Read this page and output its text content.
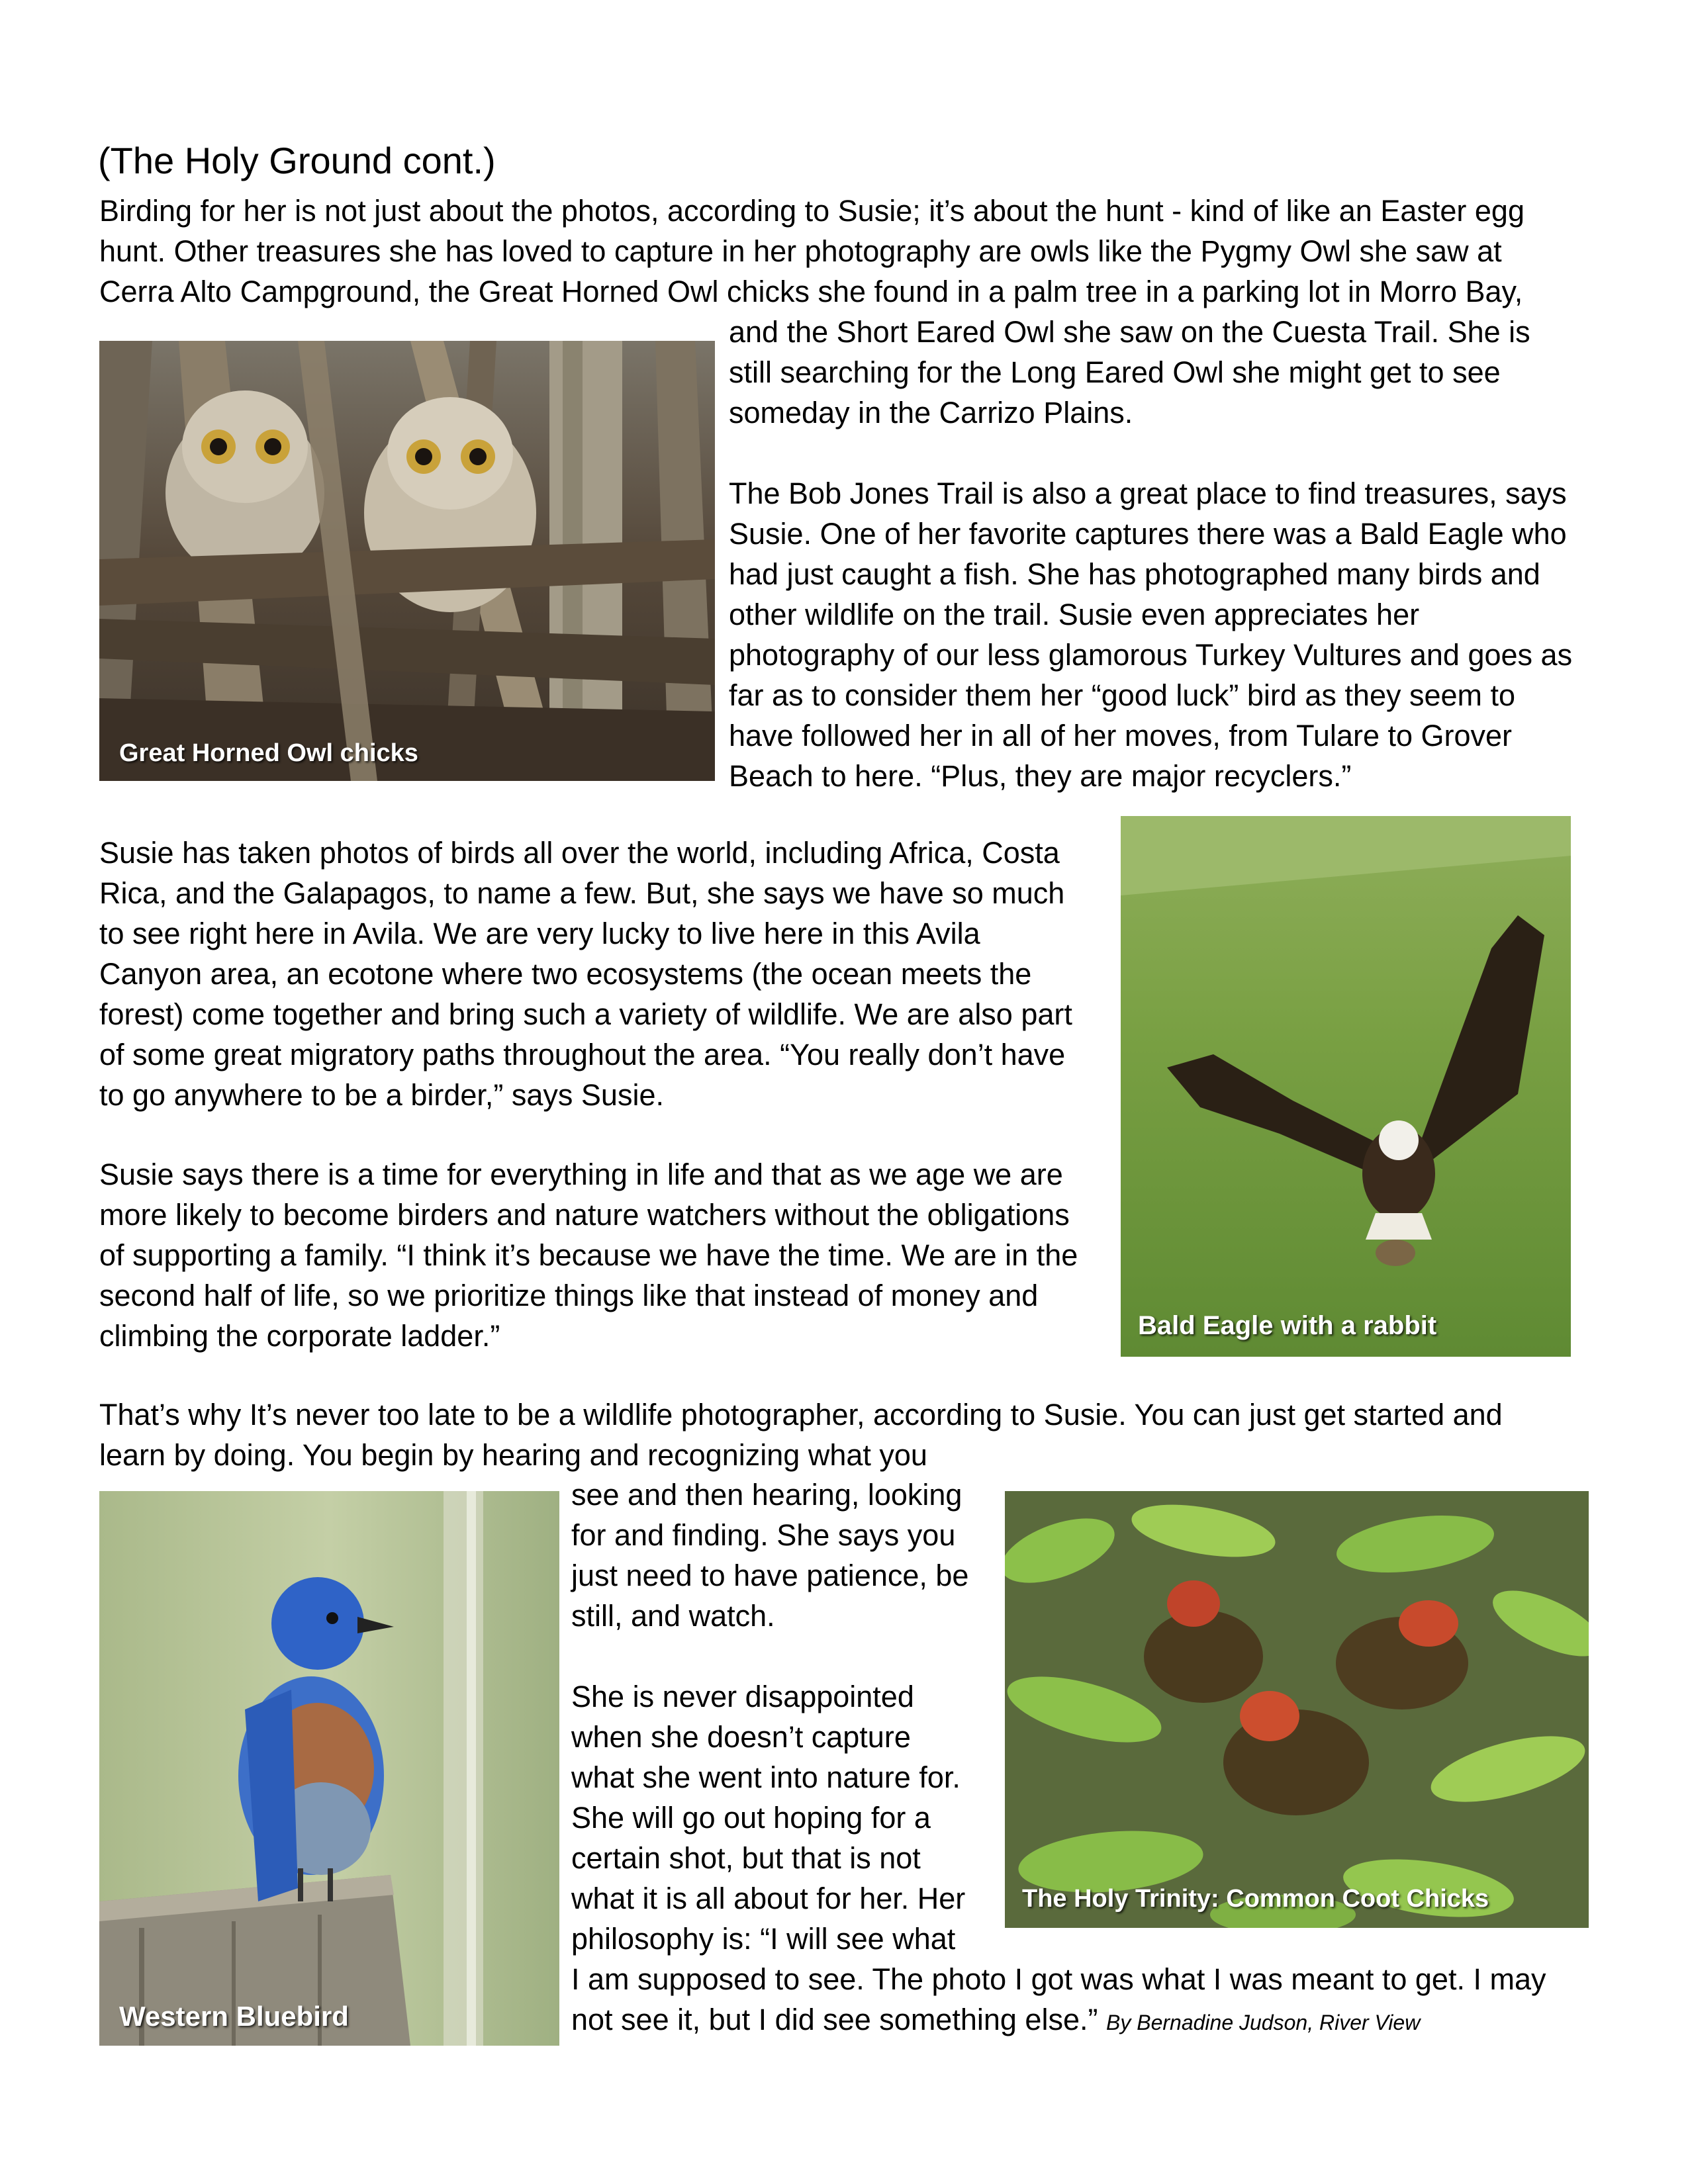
(The Holy Ground cont.)
Birding for her is not just about the photos, according to Susie; it’s about the hunt - kind of like an Easter egg
hunt. Other treasures she has loved to capture in her photography are owls like the Pygmy Owl she saw at
Cerra Alto Campground, the Great Horned Owl chicks she found in a palm tree in a parking lot in Morro Bay,
and the Short Eared Owl she saw on the Cuesta Trail. She is
still searching for the Long Eared Owl she might get to see
someday in the Carrizo Plains.
The Bob Jones Trail is also a great place to find treasures, says
Susie. One of her favorite captures there was a Bald Eagle who
had just caught a fish. She has photographed many birds and
other wildlife on the trail. Susie even appreciates her
photography of our less glamorous Turkey Vultures and goes as
far as to consider them her “good luck” bird as they seem to
have followed her in all of her moves, from Tulare to Grover
Beach to here. “Plus, they are major recyclers.”
Susie has taken photos of birds all over the world, including Africa, Costa
Rica, and the Galapagos, to name a few. But, she says we have so much
to see right here in Avila. We are very lucky to live here in this Avila
Canyon area, an ecotone where two ecosystems (the ocean meets the
forest) come together and bring such a variety of wildlife. We are also part
of some great migratory paths throughout the area. “You really don’t have
to go anywhere to be a birder,” says Susie.
Susie says there is a time for everything in life and that as we age we are
more likely to become birders and nature watchers without the obligations
of supporting a family. “I think it’s because we have the time. We are in the
second half of life, so we prioritize things like that instead of money and
climbing the corporate ladder.”
That’s why It’s never too late to be a wildlife photographer, according to Susie. You can just get started and
learn by doing. You begin by hearing and recognizing what you
see and then hearing, looking
for and finding. She says you
just need to have patience, be
still, and watch.
She is never disappointed
when she doesn’t capture
what she went into nature for.
She will go out hoping for a
certain shot, but that is not
what it is all about for her. Her
philosophy is: “I will see what
I am supposed to see. The photo I got was what I was meant to get. I may
not see it, but I did see something else.” By Bernadine Judson, River View
Great Horned Owl chicks
Bald Eagle with a rabbit
Western Bluebird
The Holy Trinity: Common Coot Chicks
